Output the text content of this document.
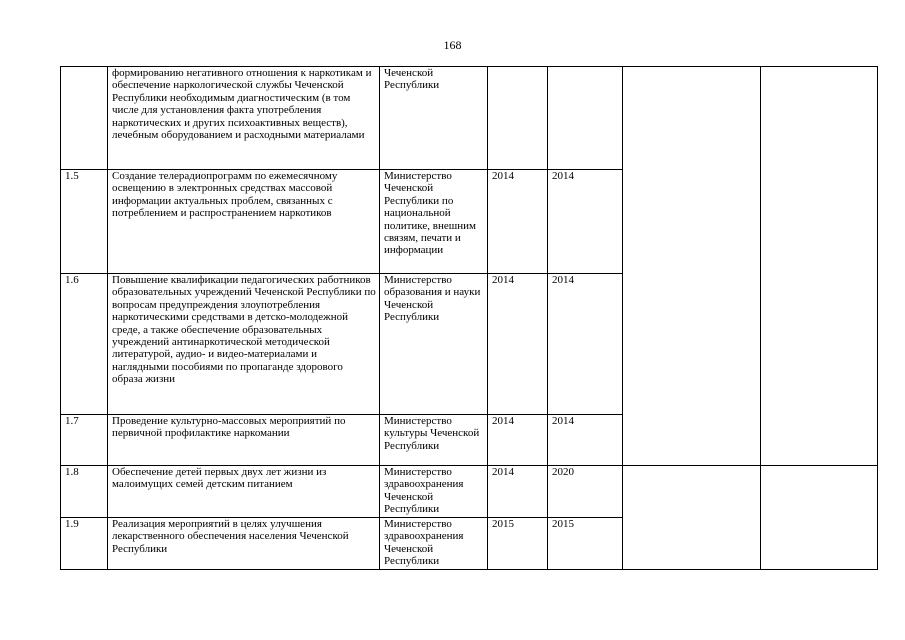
168
	формированию негативного отношения к наркотикам и обеспечение наркологической службы Чеченской Республики необходимым диагностическим (в том числе для установления факта употребления наркотических и других психоактивных веществ), лечебным оборудованием и расходными материалами	Чеченской Республики				
1.5	Создание телерадиопрограмм по ежемесячному освещению в электронных средствах массовой информации актуальных проблем, связанных с потреблением и распространением наркотиков	Министерство Чеченской Республики по национальной политике, внешним связям, печати и информации	2014	2014		
1.6	Повышение квалификации педагогических работников образовательных учреждений Чеченской Республики по вопросам предупреждения злоупотребления наркотическими средствами в детско-молодежной среде, а также обеспечение образовательных учреждений антинаркотической методической литературой, аудио- и видео-материалами и наглядными пособиями по пропаганде здорового образа жизни	Министерство образования и науки Чеченской Республики	2014	2014		
1.7	Проведение культурно-массовых мероприятий по первичной профилактике наркомании	Министерство культуры Чеченской Республики	2014	2014		
1.8	Обеспечение детей первых двух лет жизни из малоимущих семей детским питанием	Министерство здравоохранения Чеченской Республики	2014	2020		
1.9	Реализация мероприятий в целях улучшения лекарственного обеспечения населения Чеченской Республики	Министерство здравоохранения Чеченской Республики	2015	2015		
